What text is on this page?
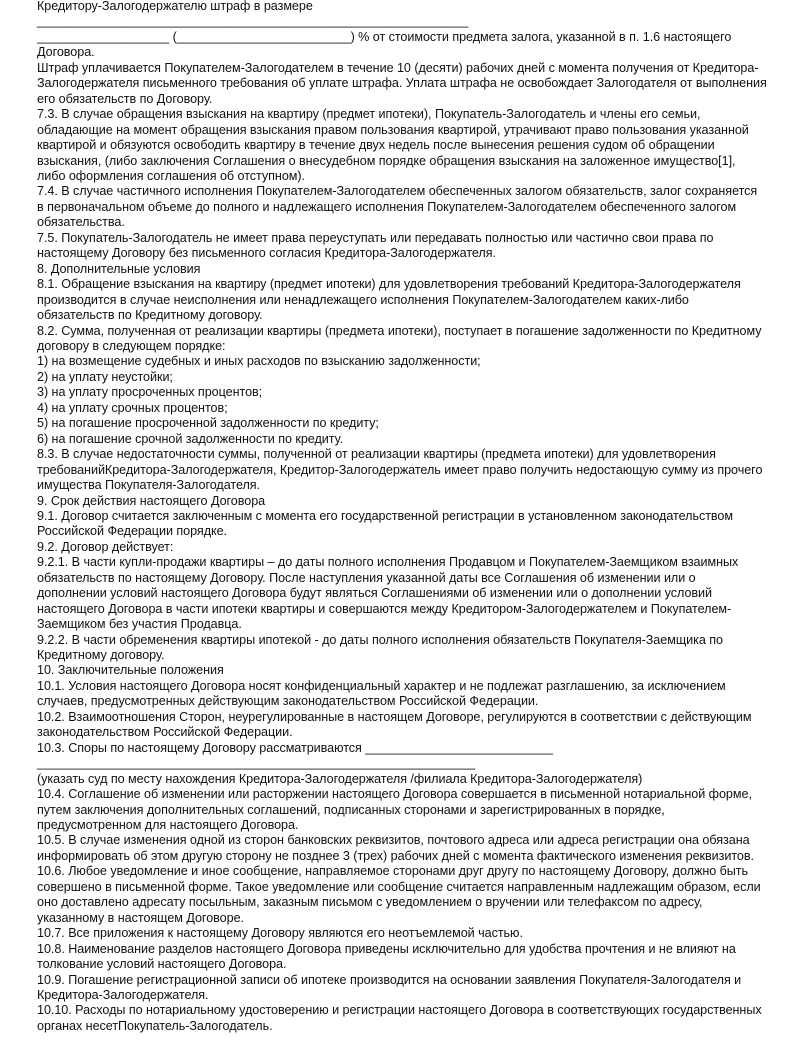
Кредитору-Залогодержателю штраф в размере

______________________________________________________________

___________________ (_________________________) % от стоимости предмета залога, указанной в п. 1.6 настоящего Договора.

Штраф уплачивается Покупателем-Залогодателем в течение 10 (десяти) рабочих дней с момента получения от Кредитора-Залогодержателя письменного требования об уплате штрафа. Уплата штрафа не освобождает Залогодателя от выполнения его обязательств по Договору.

7.3. В случае обращения взыскания на квартиру (предмет ипотеки), Покупатель-Залогодатель и члены его семьи, обладающие на момент обращения взыскания правом пользования квартирой, утрачивают право пользования указанной квартирой и обязуются освободить квартиру в течение двух недель после вынесения решения судом об обращении взыскания, (либо заключения Соглашения о внесудебном порядке обращения взыскания на заложенное имущество[1], либо оформления соглашения об отступном).

7.4. В случае частичного исполнения Покупателем-Залогодателем обеспеченных залогом обязательств, залог сохраняется в первоначальном объеме до полного и надлежащего исполнения Покупателем-Залогодателем обеспеченного залогом обязательства.

7.5. Покупатель-Залогодатель не имеет права переуступать или передавать полностью или частично свои права по настоящему Договору без письменного согласия Кредитора-Залогодержателя.

8. Дополнительные условия

8.1. Обращение взыскания на квартиру (предмет ипотеки) для удовлетворения требований Кредитора-Залогодержателя производится в случае неисполнения или ненадлежащего исполнения Покупателем-Залогодателем каких-либо обязательств по Кредитному договору.

8.2. Сумма, полученная от реализации квартиры (предмета ипотеки), поступает в погашение задолженности по Кредитному договору в следующем порядке:

1) на возмещение судебных и иных расходов по взысканию задолженности;

2) на уплату неустойки;

3) на уплату просроченных процентов;

4) на уплату срочных процентов;

5) на погашение просроченной задолженности по кредиту;

6) на погашение срочной задолженности по кредиту.

8.3. В случае недостаточности суммы, полученной от реализации квартиры (предмета ипотеки) для удовлетворения требованийКредитора-Залогодержателя, Кредитор-Залогодержатель имеет право получить недостающую сумму из прочего имущества Покупателя-Залогодателя.

9. Срок действия настоящего Договора

9.1. Договор считается заключенным с момента его государственной регистрации в установленном законодательством Российской Федерации порядке.

9.2. Договор действует:

9.2.1. В части купли-продажи квартиры – до даты полного исполнения Продавцом и Покупателем-Заемщиком взаимных обязательств по настоящему Договору. После наступления указанной даты все Соглашения об изменении или о дополнении условий настоящего Договора будут являться Соглашениями об изменении или о дополнении условий настоящего Договора в части ипотеки квартиры и совершаются между Кредитором-Залогодержателем и Покупателем-Заемщиком без участия Продавца.

9.2.2. В части обременения квартиры ипотекой - до даты полного исполнения обязательств Покупателя-Заемщика по Кредитному договору.

10. Заключительные положения

10.1. Условия настоящего Договора носят конфиденциальный характер и не подлежат разглашению, за исключением случаев, предусмотренных действующим законодательством Российской Федерации.

10.2. Взаимоотношения Сторон, неурегулированные в настоящем Договоре, регулируются в соответствии с действующим законодательством Российской Федерации.

10.3. Споры по настоящему Договору рассматриваются ___________________________

_______________________________________________________________

(указать суд по месту нахождения Кредитора-Залогодержателя /филиала Кредитора-Залогодержателя)

10.4. Соглашение об изменении или расторжении настоящего Договора совершается в письменной нотариальной форме, путем заключения дополнительных соглашений, подписанных сторонами и зарегистрированных в порядке, предусмотренном для настоящего Договора.

10.5. В случае изменения одной из сторон банковских реквизитов, почтового адреса или адреса регистрации она обязана информировать об этом другую сторону не позднее 3 (трех) рабочих дней с момента фактического изменения реквизитов.

10.6. Любое уведомление и иное сообщение, направляемое сторонами друг другу по настоящему Договору, должно быть совершено в письменной форме. Такое уведомление или сообщение считается направленным надлежащим образом, если оно доставлено адресату посыльным, заказным письмом с уведомлением о вручении или телефаксом по адресу, указанному в настоящем Договоре.

10.7. Все приложения к настоящему Договору являются его неотъемлемой частью.

10.8. Наименование разделов настоящего Договора приведены исключительно для удобства прочтения и не влияют на толкование условий настоящего Договора.

10.9. Погашение регистрационной записи об ипотеке производится на основании заявления Покупателя-Залогодателя и Кредитора-Залогодержателя.

10.10. Расходы по нотариальному удостоверению и регистрации настоящего Договора в соответствующих государственных органах несетПокупатель-Залогодатель.
